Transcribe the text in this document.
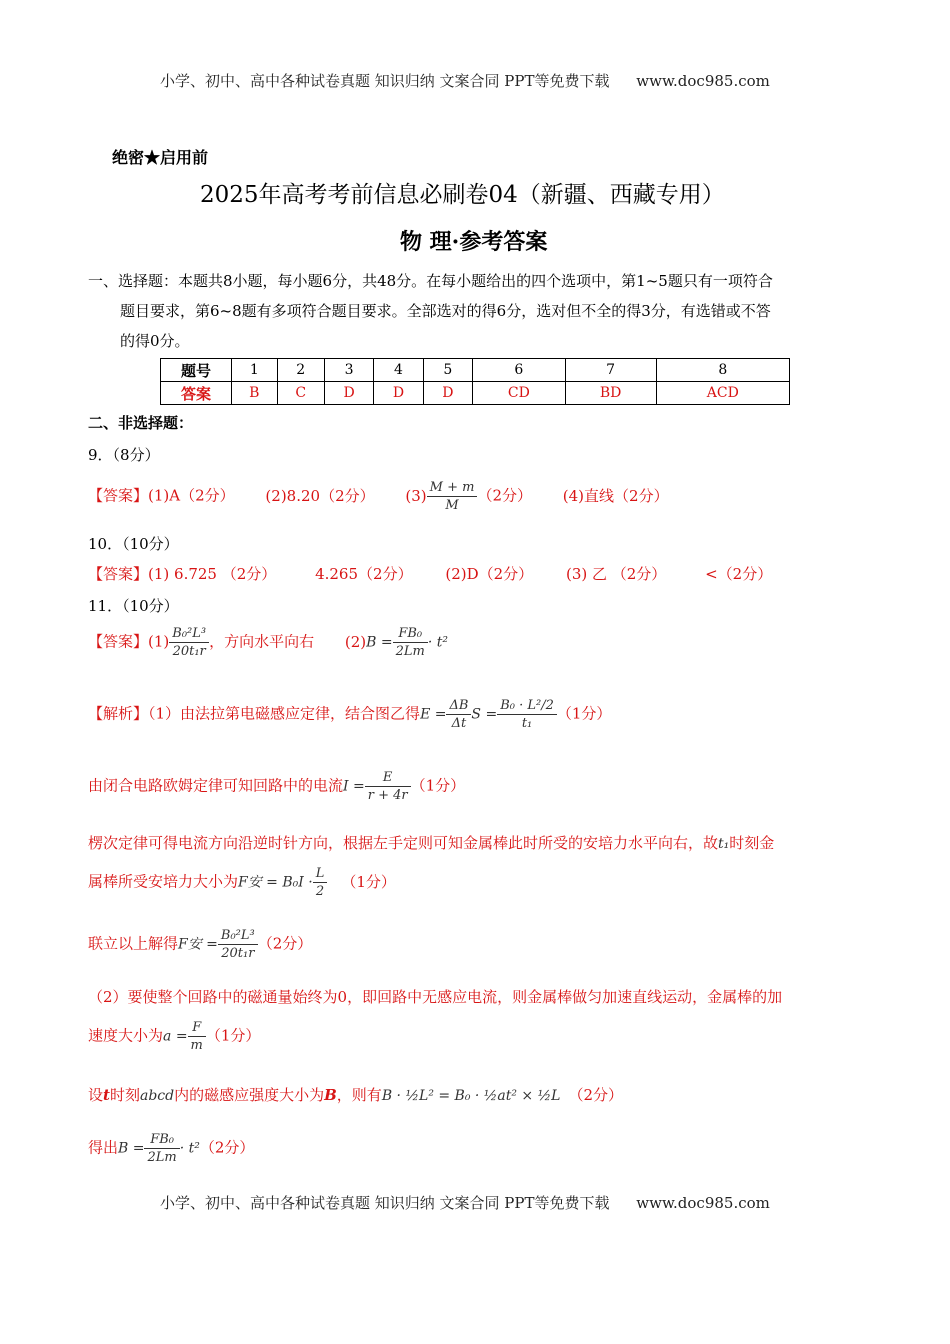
小学、初中、高中各种试卷真题 知识归纳 文案合同 PPT等免费下载 www.doc985.com
绝密★启用前
2025年高考考前信息必刷卷04（新疆、西藏专用）
物 理·参考答案
一、选择题：本题共8小题，每小题6分，共48分。在每小题给出的四个选项中，第1~5题只有一项符合
题目要求，第6~8题有多项符合题目要求。全部选对的得6分，选对但不全的得3分，有选错或不答
的得0分。
题号	1	2	3	4	5	6	7	8
答案	B	C	D	D	D	CD	BD	ACD
二、非选择题：
9．（8分）
【答案】(1)A（2分） (2)8.20（2分） $(3) \frac{M + m}{M} (2$分） (4)直线（2分）
10．（10分）
【答案】(1) 6.725 （2分）	4.265（2分） (2)D（2分） (3) 乙 （2分）	<（2分）
11．（10分）
【答案】$(1) \frac{\text{B₀²L³}}{\text{20t₁r}}$ ，方向水平向右 $(2)B = \frac{\text{FB₀}}{2Lm} \cdot t^2$
【解析】（1）由法拉第电磁感应定律，结合图乙得$E = \frac{\Delta B}{\Delta t}$ $S = \frac{\text{B₀ · L²/2}}{\text{t₁}} (1$分）
由闭合电路欧姆定律可知回路中的电流$I = \frac{E}{r + 4r} (1$分）
楞次定律可得电流方向沿逆时针方向，根据左手定则可知金属棒此时所受的安培力水平向右，故t₁时刻金
属棒所受安培力大小为F安 = $B_0I \cdot \frac{L}{2} (1$分）
联立以上解得F安 = $\frac{\text{B₀²L³}}{\text{20t₁r}} (2$分）
（2）要使整个回路中的磁通量始终为0，即回路中无感应电流，则金属棒做匀加速直线运动，金属棒的加
速度大小为$a = \frac{F}{m} (1$分）
设t时刻abcd内的磁感应强度大小为B，则有B · ½L² = B₀ · ½at² × ½L （2分）
得出$B = \frac{\text{FB₀}}{2Lm} \cdot t^2(2$分）
小学、初中、高中各种试卷真题 知识归纳 文案合同 PPT等免费下载 www.doc985.com
